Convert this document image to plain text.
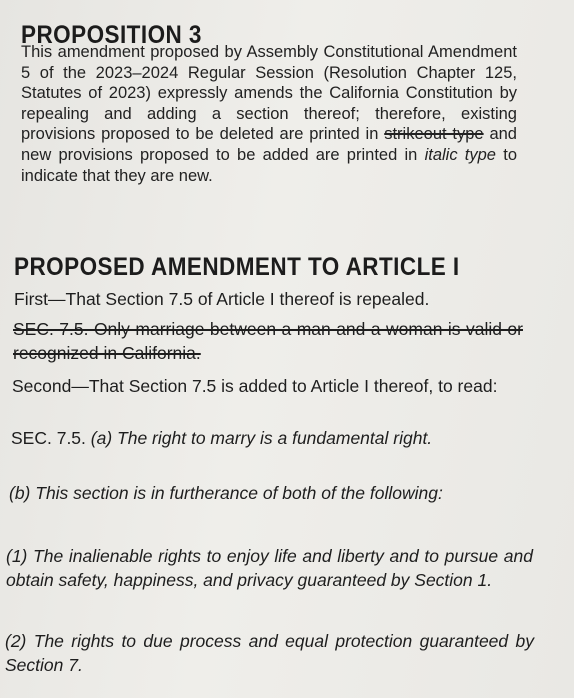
PROPOSITION 3

This amendment proposed by Assembly Constitutional Amendment 5 of the 2023–2024 Regular Session (Resolution Chapter 125, Statutes of 2023) expressly amends the California Constitution by repealing and adding a section thereof; therefore, existing provisions proposed to be deleted are printed in strikeout type and new provisions proposed to be added are printed in italic type to indicate that they are new.

PROPOSED AMENDMENT TO ARTICLE I

First—That Section 7.5 of Article I thereof is repealed.

SEC. 7.5. Only marriage between a man and a woman is valid or recognized in California.

Second—That Section 7.5 is added to Article I thereof, to read:

SEC. 7.5. (a) The right to marry is a fundamental right.

(b) This section is in furtherance of both of the following:

(1) The inalienable rights to enjoy life and liberty and to pursue and obtain safety, happiness, and privacy guaranteed by Section 1.

(2) The rights to due process and equal protection guaranteed by Section 7.
